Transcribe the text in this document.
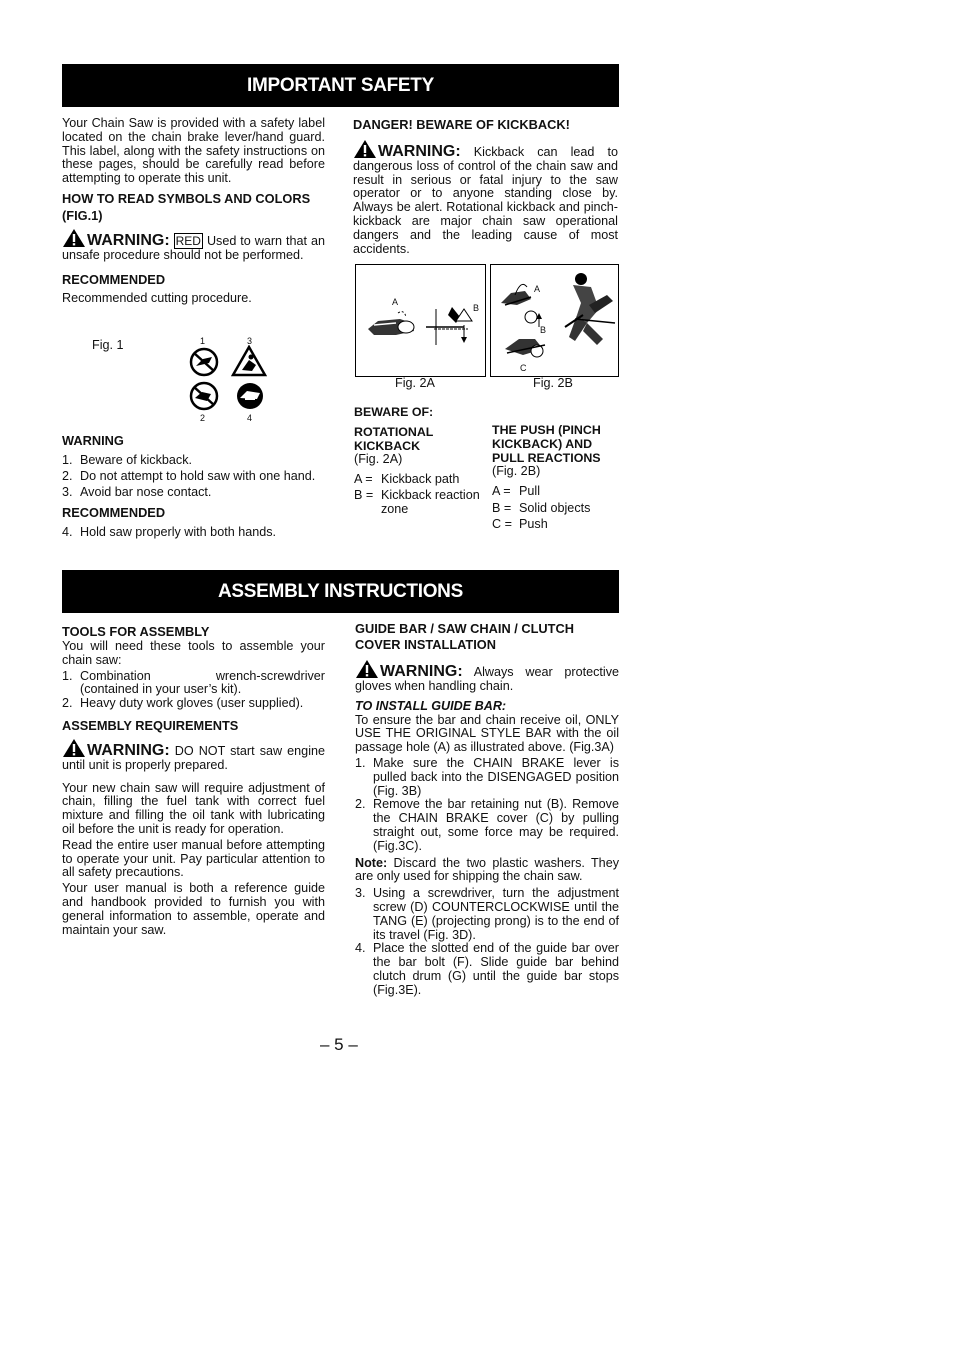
IMPORTANT SAFETY

Your Chain Saw is provided with a safety label located on the chain brake lever/hand guard. This label, along with the safety instructions on these pages, should be carefully read before attempting to operate this unit.

HOW TO READ SYMBOLS AND COLORS (FIG.1)

WARNING: RED Used to warn that an unsafe procedure should not be performed.

RECOMMENDED

Recommended cutting procedure.

Fig. 1	1	3
2	4
WARNING
1. Beware of kickback.
2. Do not attempt to hold saw with one hand.
3. Avoid bar nose contact.
RECOMMENDED
4. Hold saw properly with both hands.
DANGER! BEWARE OF KICKBACK!

WARNING: Kickback can lead to dangerous loss of control of the chain saw and result in serious or fatal injury to the saw operator or to anyone standing close by. Always be alert. Rotational kickback and pinch-kickback are major chain saw operational dangers and the leading cause of most accidents.

A
B
Fig. 2A
A
B
C
Fig. 2B
BEWARE OF:
ROTATIONAL KICKBACK
(Fig. 2A)
A = Kickback path
B = Kickback reaction zone
THE PUSH (PINCH KICKBACK) AND PULL REACTIONS
(Fig. 2B)
A = Pull
B = Solid objects
C = Push
ASSEMBLY INSTRUCTIONS
TOOLS FOR ASSEMBLY

You will need these tools to assemble your chain saw:

1. Combination wrench-screwdriver (contained in your user’s kit).
2. Heavy duty work gloves (user supplied).
ASSEMBLY REQUIREMENTS

WARNING: DO NOT start saw engine until unit is properly prepared.

Your new chain saw will require adjustment of chain, filling the fuel tank with correct fuel mixture and filling the oil tank with lubricating oil before the unit is ready for operation.

Read the entire user manual before attempting to operate your unit. Pay particular attention to all safety precautions.

Your user manual is both a reference guide and handbook provided to furnish you with general information to assemble, operate and maintain your saw.

GUIDE BAR / SAW CHAIN / CLUTCH COVER INSTALLATION

WARNING: Always wear protective gloves when handling chain.

TO INSTALL GUIDE BAR:

To ensure the bar and chain receive oil, ONLY USE THE ORIGINAL STYLE BAR with the oil passage hole (A) as illustrated above. (Fig.3A)

1. Make sure the CHAIN BRAKE lever is pulled back into the DISENGAGED position (Fig. 3B)
2. Remove the bar retaining nut (B). Remove the CHAIN BRAKE cover (C) by pulling straight out, some force may be required. (Fig.3C).

Note: Discard the two plastic washers. They are only used for shipping the chain saw.

3. Using a screwdriver, turn the adjustment screw (D) COUNTERCLOCKWISE until the TANG (E) (projecting prong) is to the end of its travel (Fig. 3D).
4. Place the slotted end of the guide bar over the bar bolt (F). Slide guide bar behind clutch drum (G) until the guide bar stops (Fig.3E).
– 5 –
